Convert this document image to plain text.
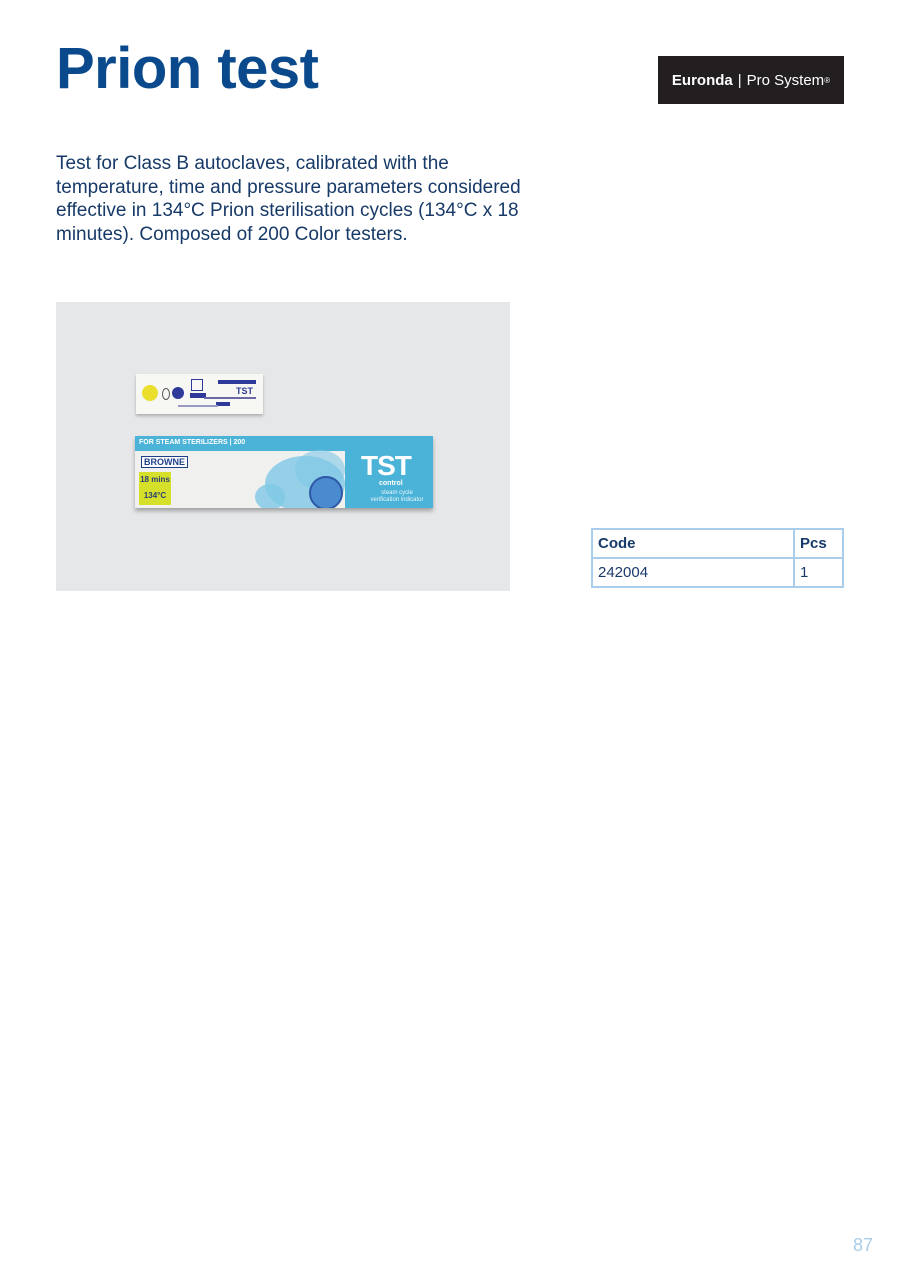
Prion test	Euronda | Pro System ®
Test for Class B autoclaves, calibrated with the temperature, time and pressure parameters considered effective in 134°C Prion sterilisation cycles (134°C x 18 minutes). Composed of 200 Color testers.
TST
FOR STEAM STERILIZERS | 200
BROWNE
18 mins
134°C
TST
control
steam cycle verification indicator
Code	Pcs
242004	1
87
